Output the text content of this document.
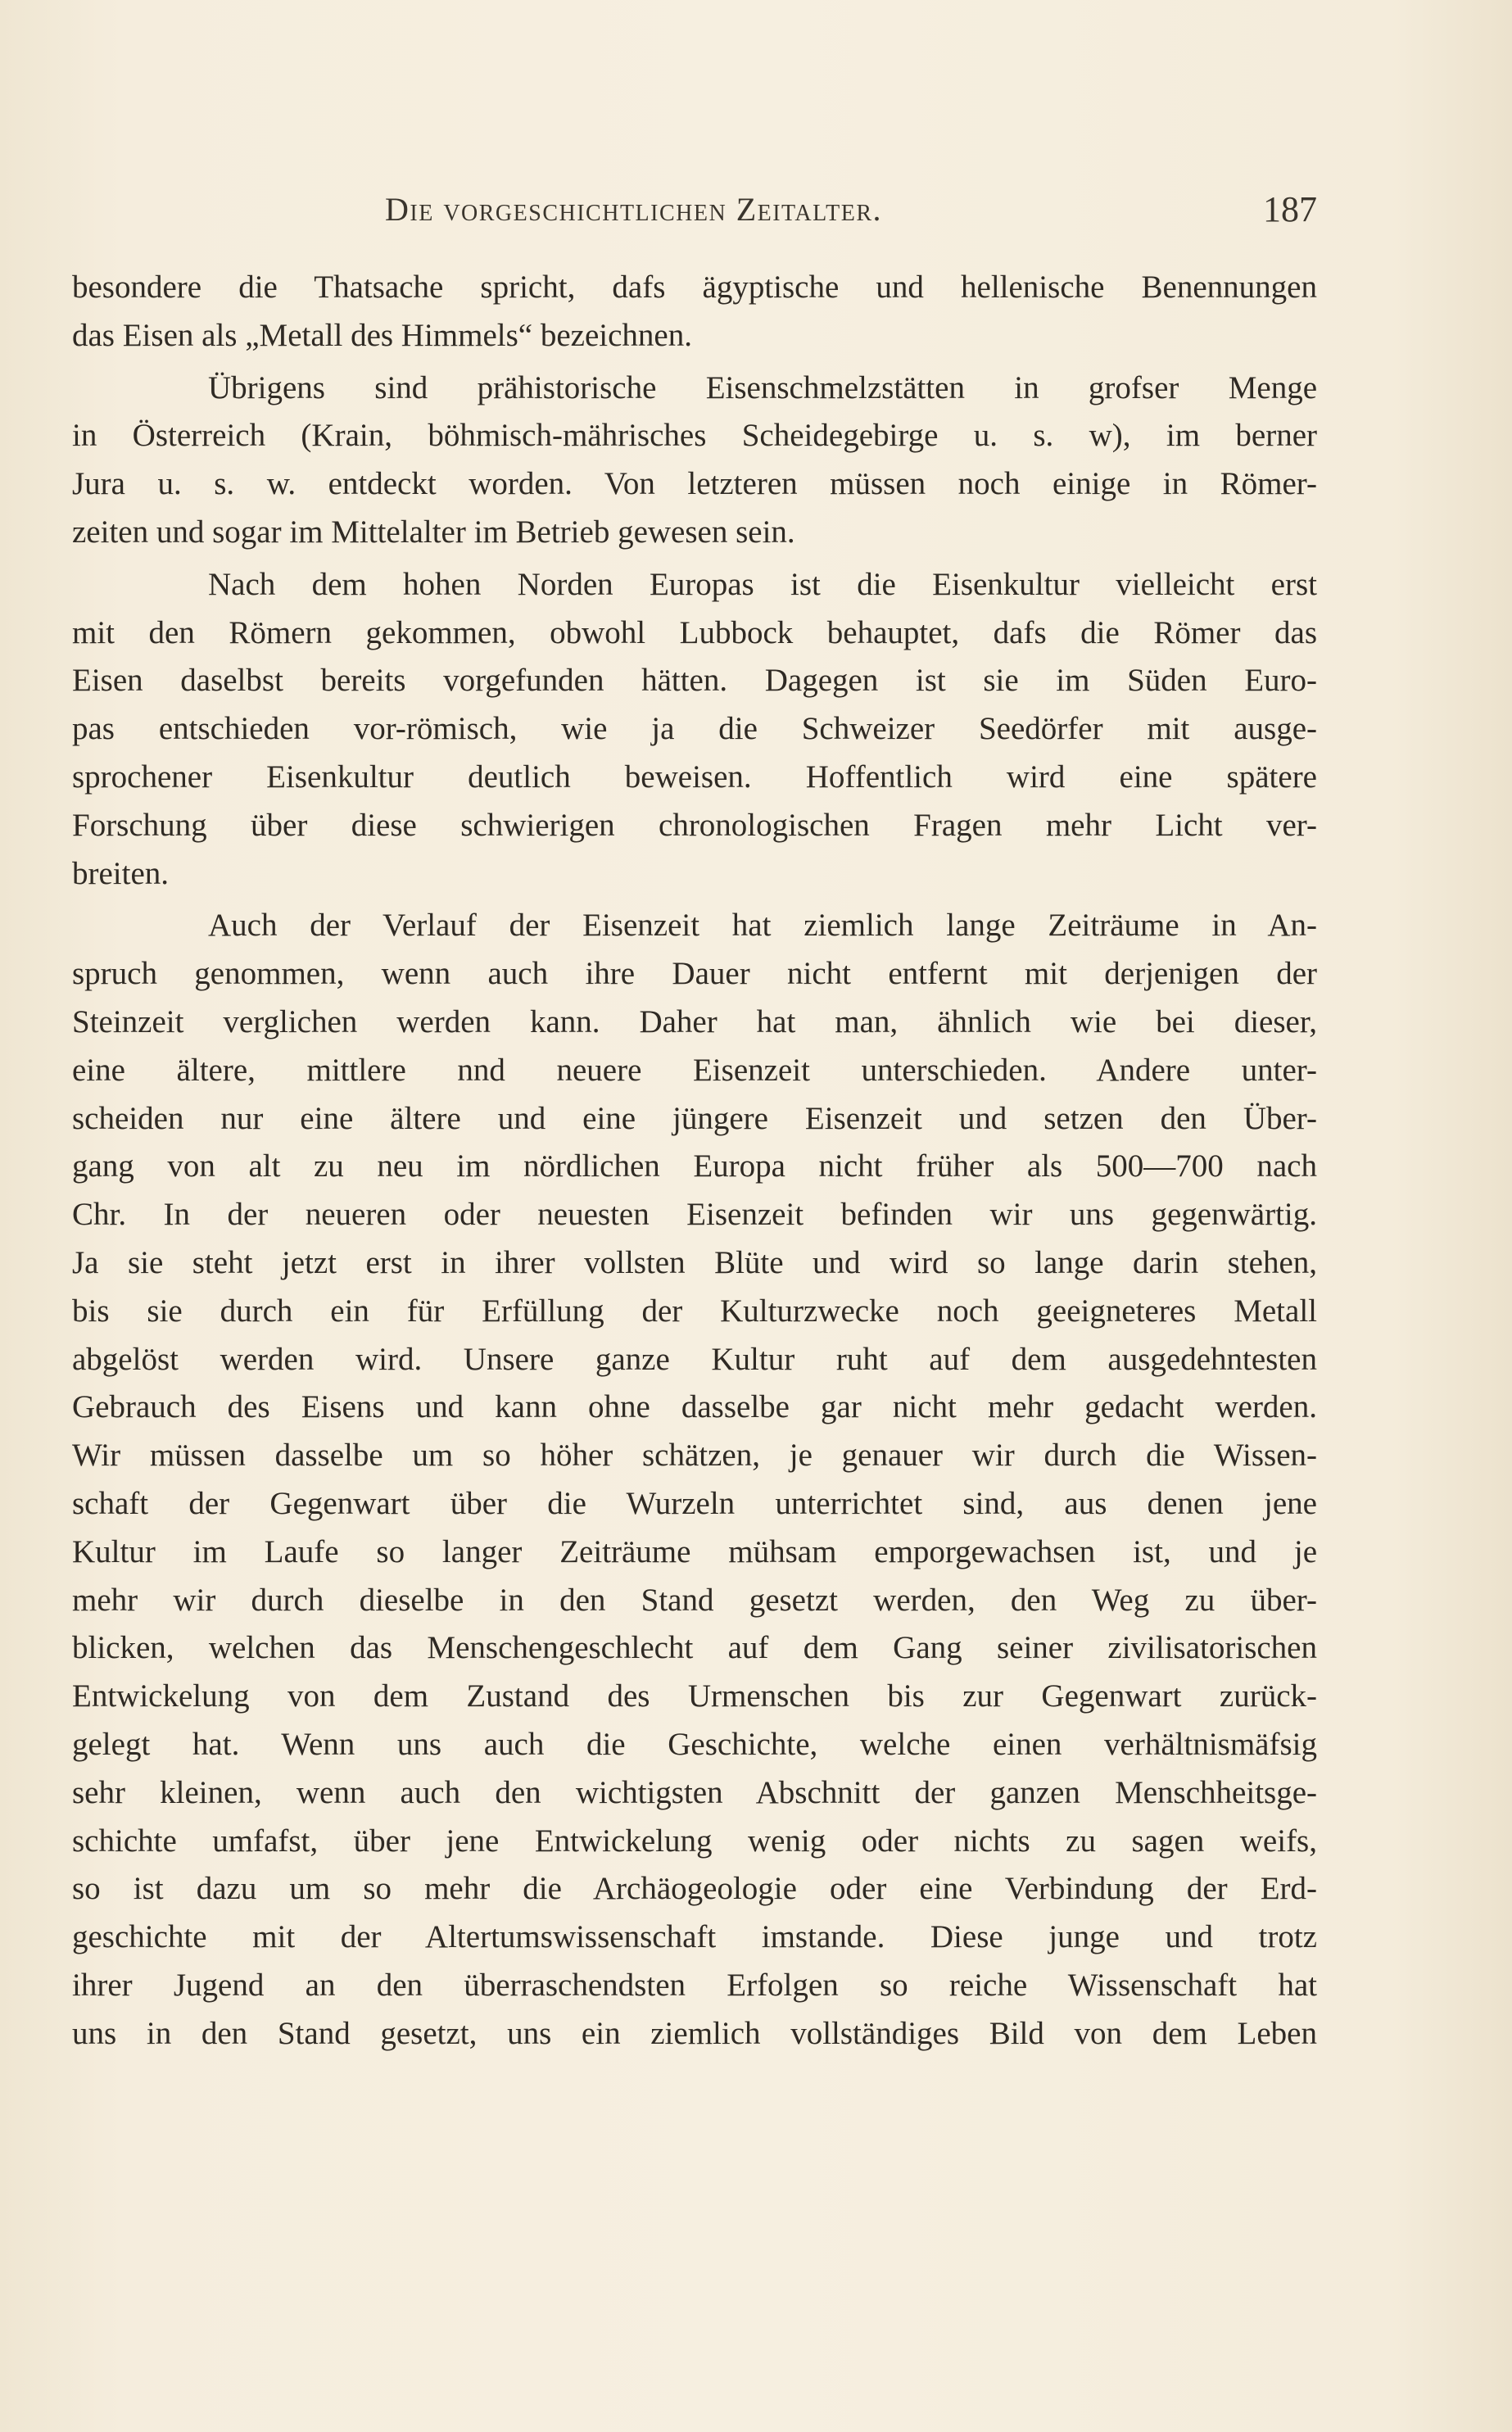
Die vorgeschichtlichen Zeitalter.	187
besondere die Thatsache spricht, dafs ägyptische und hellenische Benennungen
das Eisen als „Metall des Himmels“ bezeichnen.
Übrigens sind prähistorische Eisenschmelzstätten in grofser Menge
in Österreich (Krain, böhmisch-mährisches Scheidegebirge u. s. w), im berner
Jura u. s. w. entdeckt worden. Von letzteren müssen noch einige in Römer-
zeiten und sogar im Mittelalter im Betrieb gewesen sein.
Nach dem hohen Norden Europas ist die Eisenkultur vielleicht erst
mit den Römern gekommen, obwohl Lubbock behauptet, dafs die Römer das
Eisen daselbst bereits vorgefunden hätten. Dagegen ist sie im Süden Euro-
pas entschieden vor-römisch, wie ja die Schweizer Seedörfer mit ausge-
sprochener Eisenkultur deutlich beweisen. Hoffentlich wird eine spätere
Forschung über diese schwierigen chronologischen Fragen mehr Licht ver-
breiten.
Auch der Verlauf der Eisenzeit hat ziemlich lange Zeiträume in An-
spruch genommen, wenn auch ihre Dauer nicht entfernt mit derjenigen der
Steinzeit verglichen werden kann. Daher hat man, ähnlich wie bei dieser,
eine ältere, mittlere nnd neuere Eisenzeit unterschieden. Andere unter-
scheiden nur eine ältere und eine jüngere Eisenzeit und setzen den Über-
gang von alt zu neu im nördlichen Europa nicht früher als 500—700 nach
Chr. In der neueren oder neuesten Eisenzeit befinden wir uns gegenwärtig.
Ja sie steht jetzt erst in ihrer vollsten Blüte und wird so lange darin stehen,
bis sie durch ein für Erfüllung der Kulturzwecke noch geeigneteres Metall
abgelöst werden wird. Unsere ganze Kultur ruht auf dem ausgedehntesten
Gebrauch des Eisens und kann ohne dasselbe gar nicht mehr gedacht werden.
Wir müssen dasselbe um so höher schätzen, je genauer wir durch die Wissen-
schaft der Gegenwart über die Wurzeln unterrichtet sind, aus denen jene
Kultur im Laufe so langer Zeiträume mühsam emporgewachsen ist, und je
mehr wir durch dieselbe in den Stand gesetzt werden, den Weg zu über-
blicken, welchen das Menschengeschlecht auf dem Gang seiner zivilisatorischen
Entwickelung von dem Zustand des Urmenschen bis zur Gegenwart zurück-
gelegt hat. Wenn uns auch die Geschichte, welche einen verhältnismäfsig
sehr kleinen, wenn auch den wichtigsten Abschnitt der ganzen Menschheitsge-
schichte umfafst, über jene Entwickelung wenig oder nichts zu sagen weifs,
so ist dazu um so mehr die Archäogeologie oder eine Verbindung der Erd-
geschichte mit der Altertumswissenschaft imstande. Diese junge und trotz
ihrer Jugend an den überraschendsten Erfolgen so reiche Wissenschaft hat
uns in den Stand gesetzt, uns ein ziemlich vollständiges Bild von dem Leben
